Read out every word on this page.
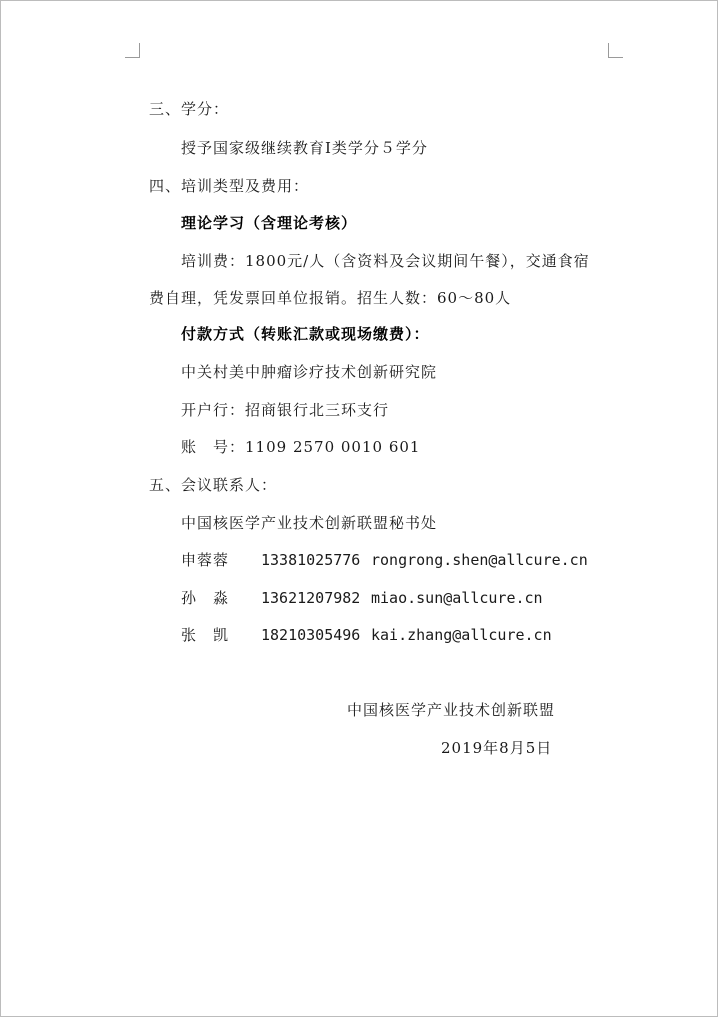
三、学分：
授予国家级继续教育Ⅰ类学分５学分
四、培训类型及费用：
理论学习（含理论考核）
培训费：1800元/人（含资料及会议期间午餐），交通食宿
费自理，凭发票回单位报销。招生人数：60～80人
付款方式（转账汇款或现场缴费）：
中关村美中肿瘤诊疗技术创新研究院
开户行：招商银行北三环支行
账　号：1109 2570 0010 601
五、会议联系人：
中国核医学产业技术创新联盟秘书处
申蓉蓉	13381025776 rongrong.shen@allcure.cn
孙　淼	13621207982 miao.sun@allcure.cn
张　凯	18210305496 kai.zhang@allcure.cn
中国核医学产业技术创新联盟
2019年8月5日
